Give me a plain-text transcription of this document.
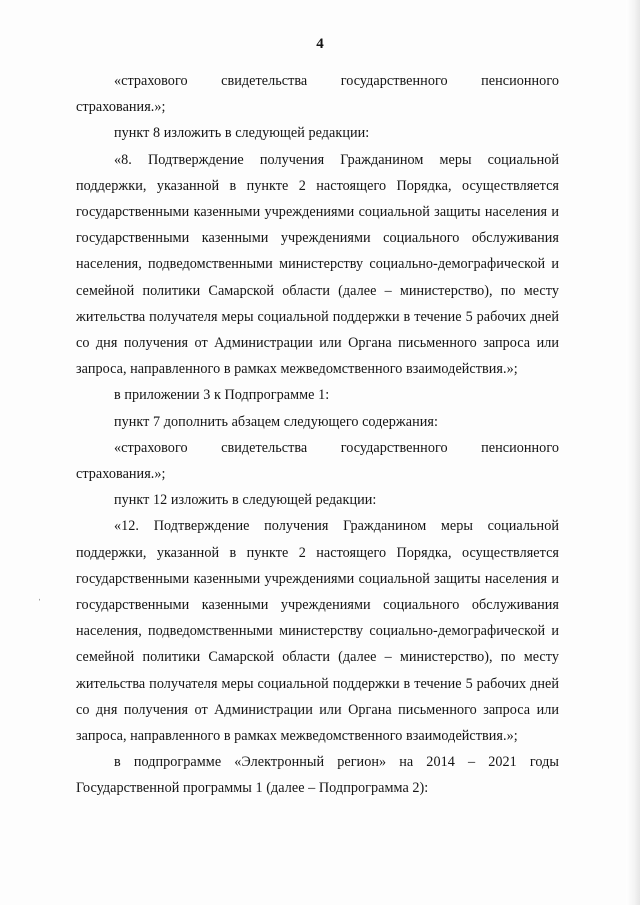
4

«страхового свидетельства государственного пенсионного страхования.»;

пункт 8 изложить в следующей редакции:

«8. Подтверждение получения Гражданином меры социальной поддержки, указанной в пункте 2 настоящего Порядка, осуществляется государственными казенными учреждениями социальной защиты населения и государственными казенными учреждениями социального обслуживания населения, подведомственными министерству социально-демографической и семейной политики Самарской области (далее – министерство), по месту жительства получателя меры социальной поддержки в течение 5 рабочих дней со дня получения от Администрации или Органа письменного запроса или запроса, направленного в рамках межведомственного взаимодействия.»;

в приложении 3 к Подпрограмме 1:

пункт 7 дополнить абзацем следующего содержания:

«страхового свидетельства государственного пенсионного страхования.»;

пункт 12 изложить в следующей редакции:

«12. Подтверждение получения Гражданином меры социальной поддержки, указанной в пункте 2 настоящего Порядка, осуществляется государственными казенными учреждениями социальной защиты населения и государственными казенными учреждениями социального обслуживания населения, подведомственными министерству социально-демографической и семейной политики Самарской области (далее – министерство), по месту жительства получателя меры социальной поддержки в течение 5 рабочих дней со дня получения от Администрации или Органа письменного запроса или запроса, направленного в рамках межведомственного взаимодействия.»;

в подпрограмме «Электронный регион» на 2014 – 2021 годы Государственной программы 1 (далее – Подпрограмма 2):

ˈ
